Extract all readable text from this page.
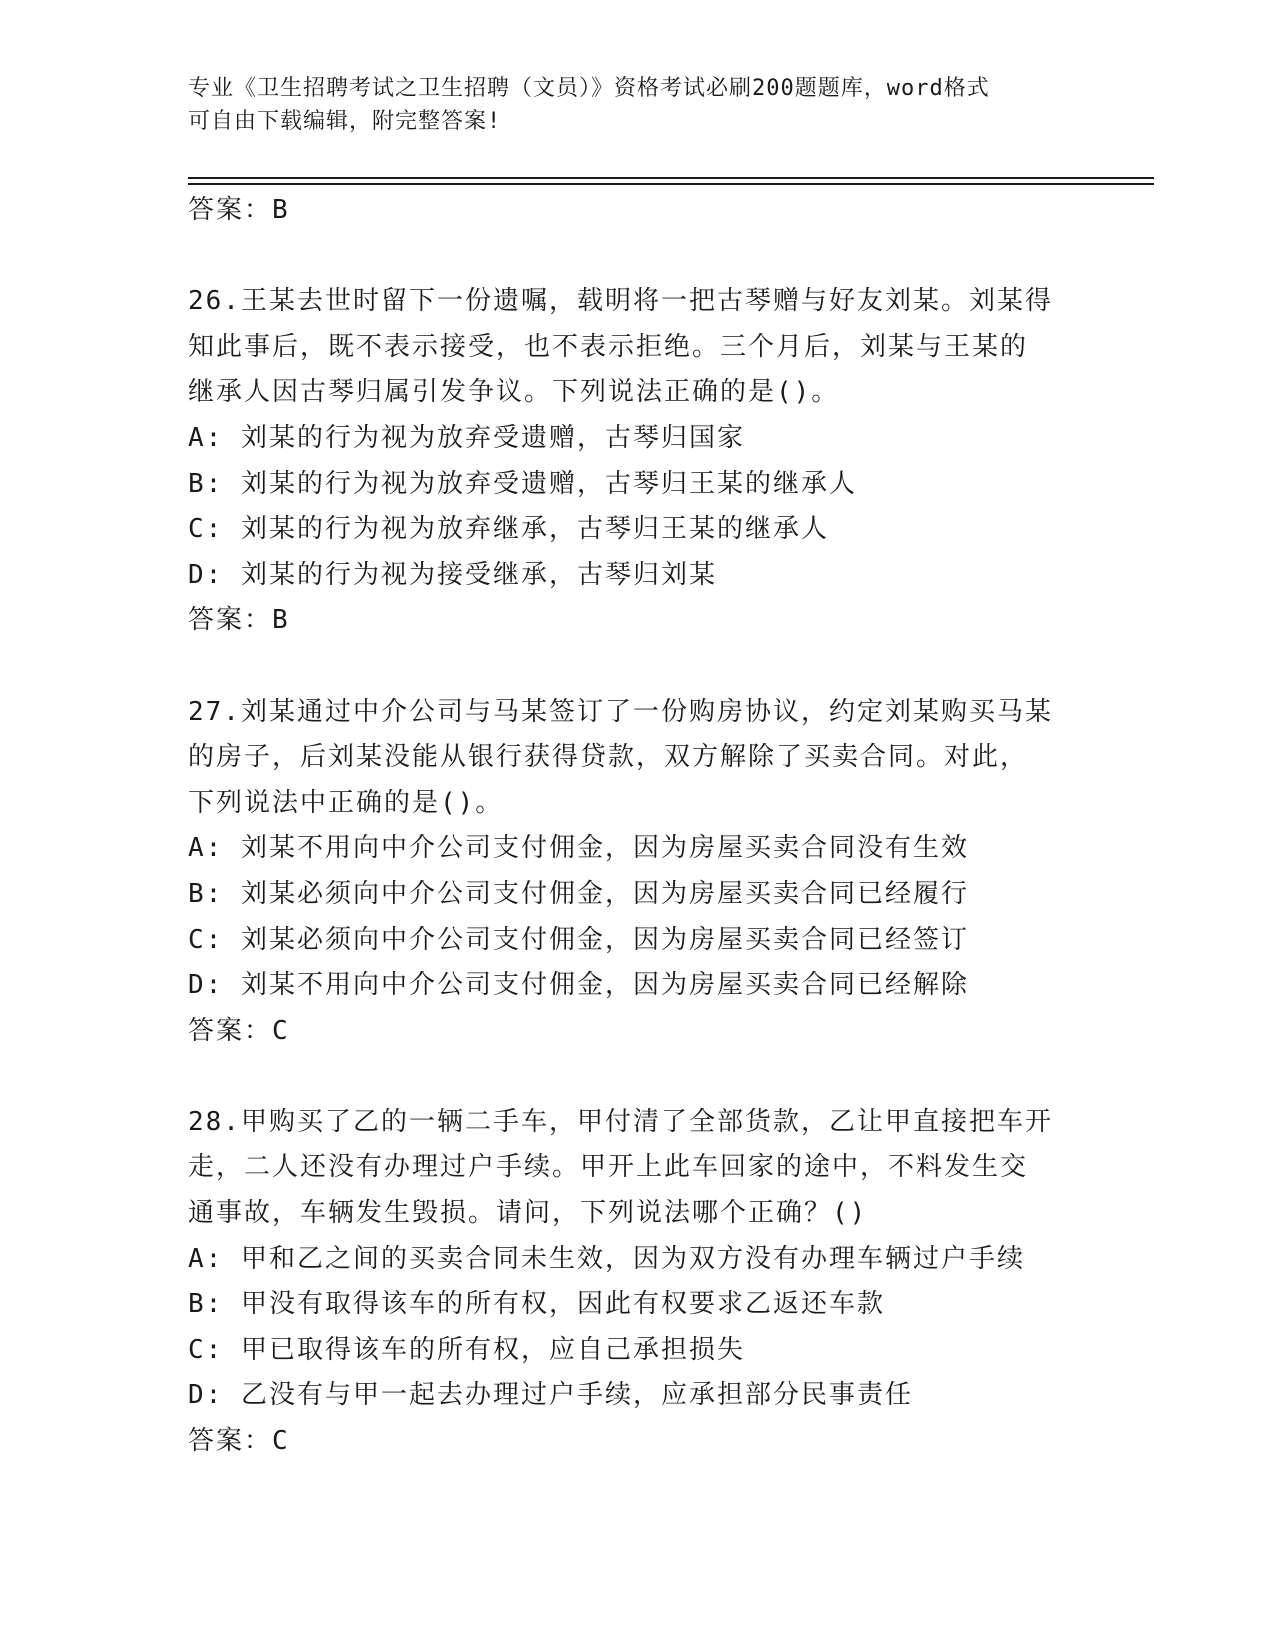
专业《卫生招聘考试之卫生招聘（文员）》资格考试必刷200题题库，word格式
可自由下载编辑，附完整答案!
答案：B
26.王某去世时留下一份遗嘱，载明将一把古琴赠与好友刘某。刘某得
知此事后，既不表示接受，也不表示拒绝。三个月后，刘某与王某的
继承人因古琴归属引发争议。下列说法正确的是()。
A: 刘某的行为视为放弃受遗赠，古琴归国家
B: 刘某的行为视为放弃受遗赠，古琴归王某的继承人
C: 刘某的行为视为放弃继承，古琴归王某的继承人
D: 刘某的行为视为接受继承，古琴归刘某
答案：B
27.刘某通过中介公司与马某签订了一份购房协议，约定刘某购买马某
的房子，后刘某没能从银行获得贷款，双方解除了买卖合同。对此，
下列说法中正确的是()。
A: 刘某不用向中介公司支付佣金，因为房屋买卖合同没有生效
B: 刘某必须向中介公司支付佣金，因为房屋买卖合同已经履行
C: 刘某必须向中介公司支付佣金，因为房屋买卖合同已经签订
D: 刘某不用向中介公司支付佣金，因为房屋买卖合同已经解除
答案：C
28.甲购买了乙的一辆二手车，甲付清了全部货款，乙让甲直接把车开
走，二人还没有办理过户手续。甲开上此车回家的途中，不料发生交
通事故，车辆发生毁损。请问，下列说法哪个正确？()
A: 甲和乙之间的买卖合同未生效，因为双方没有办理车辆过户手续
B: 甲没有取得该车的所有权，因此有权要求乙返还车款
C: 甲已取得该车的所有权，应自己承担损失
D: 乙没有与甲一起去办理过户手续，应承担部分民事责任
答案：C
